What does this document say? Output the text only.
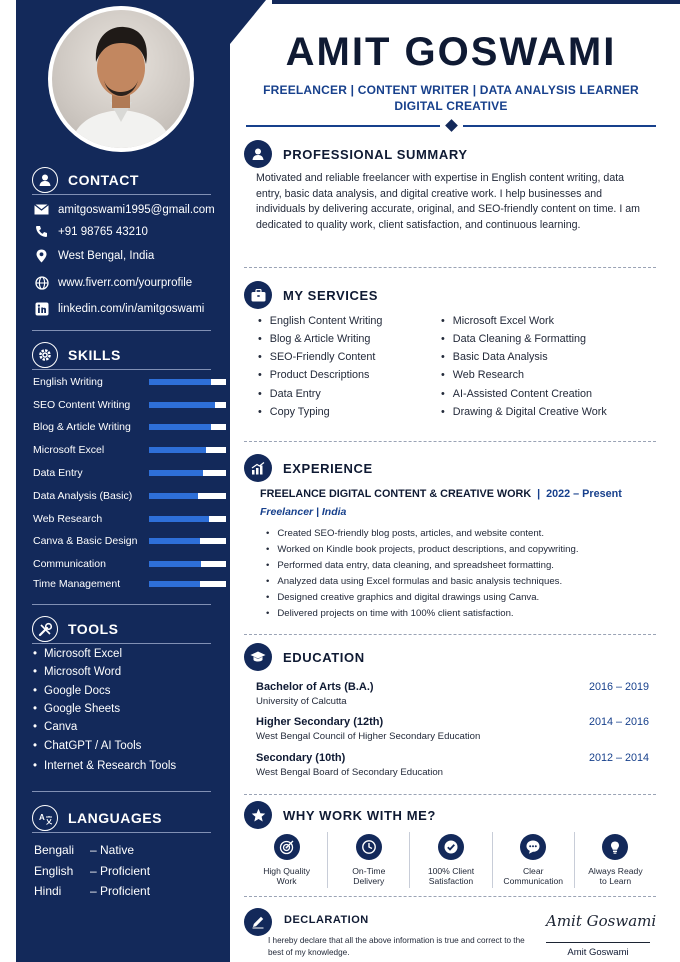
CONTACT
amitgoswami1995@gmail.com
+91 98765 43210
West Bengal, India
www.fiverr.com/yourprofile
linkedin.com/in/amitgoswami
SKILLS
English Writing
SEO Content Writing
Blog & Article Writing
Microsoft Excel
Data Entry
Data Analysis (Basic)
Web Research
Canva & Basic Design
Communication
Time Management
TOOLS
• Microsoft Excel
• Microsoft Word
• Google Docs
• Google Sheets
• Canva
• ChatGPT / AI Tools
• Internet & Research Tools
A LANGUAGES
Bengali	– Native
English	– Proficient
Hindi	– Proficient
AMIT GOSWAMI
FREELANCER | CONTENT WRITER | DATA ANALYSIS LEARNER
DIGITAL CREATIVE
PROFESSIONAL SUMMARY
Motivated and reliable freelancer with expertise in English content writing, data entry, basic data analysis, and digital creative work. I help businesses and individuals by delivering accurate, original, and SEO-friendly content on time. I am dedicated to quality work, client satisfaction, and continuous learning.
MY SERVICES
• English Content Writing
• Blog & Article Writing
• SEO-Friendly Content
• Product Descriptions
• Data Entry
• Copy Typing
• Microsoft Excel Work
• Data Cleaning & Formatting
• Basic Data Analysis
• Web Research
• AI-Assisted Content Creation
• Drawing & Digital Creative Work
EXPERIENCE
FREELANCE DIGITAL CONTENT & CREATIVE WORK | 2022 – Present
Freelancer | India
• Created SEO-friendly blog posts, articles, and website content.
• Worked on Kindle book projects, product descriptions, and copywriting.
• Performed data entry, data cleaning, and spreadsheet formatting.
• Analyzed data using Excel formulas and basic analysis techniques.
• Designed creative graphics and digital drawings using Canva.
• Delivered projects on time with 100% client satisfaction.
EDUCATION
Bachelor of Arts (B.A.)	2016 – 2019
University of Calcutta
Higher Secondary (12th)	2014 – 2016
West Bengal Council of Higher Secondary Education
Secondary (10th)	2012 – 2014
West Bengal Board of Secondary Education
WHY WORK WITH ME?
High Quality
Work
On-Time
Delivery
100% Client
Satisfaction
Clear
Communication
Always Ready
to Learn
DECLARATION
I hereby declare that all the above information is true and correct to the best of my knowledge.
Amit Goswami
Amit Goswami
